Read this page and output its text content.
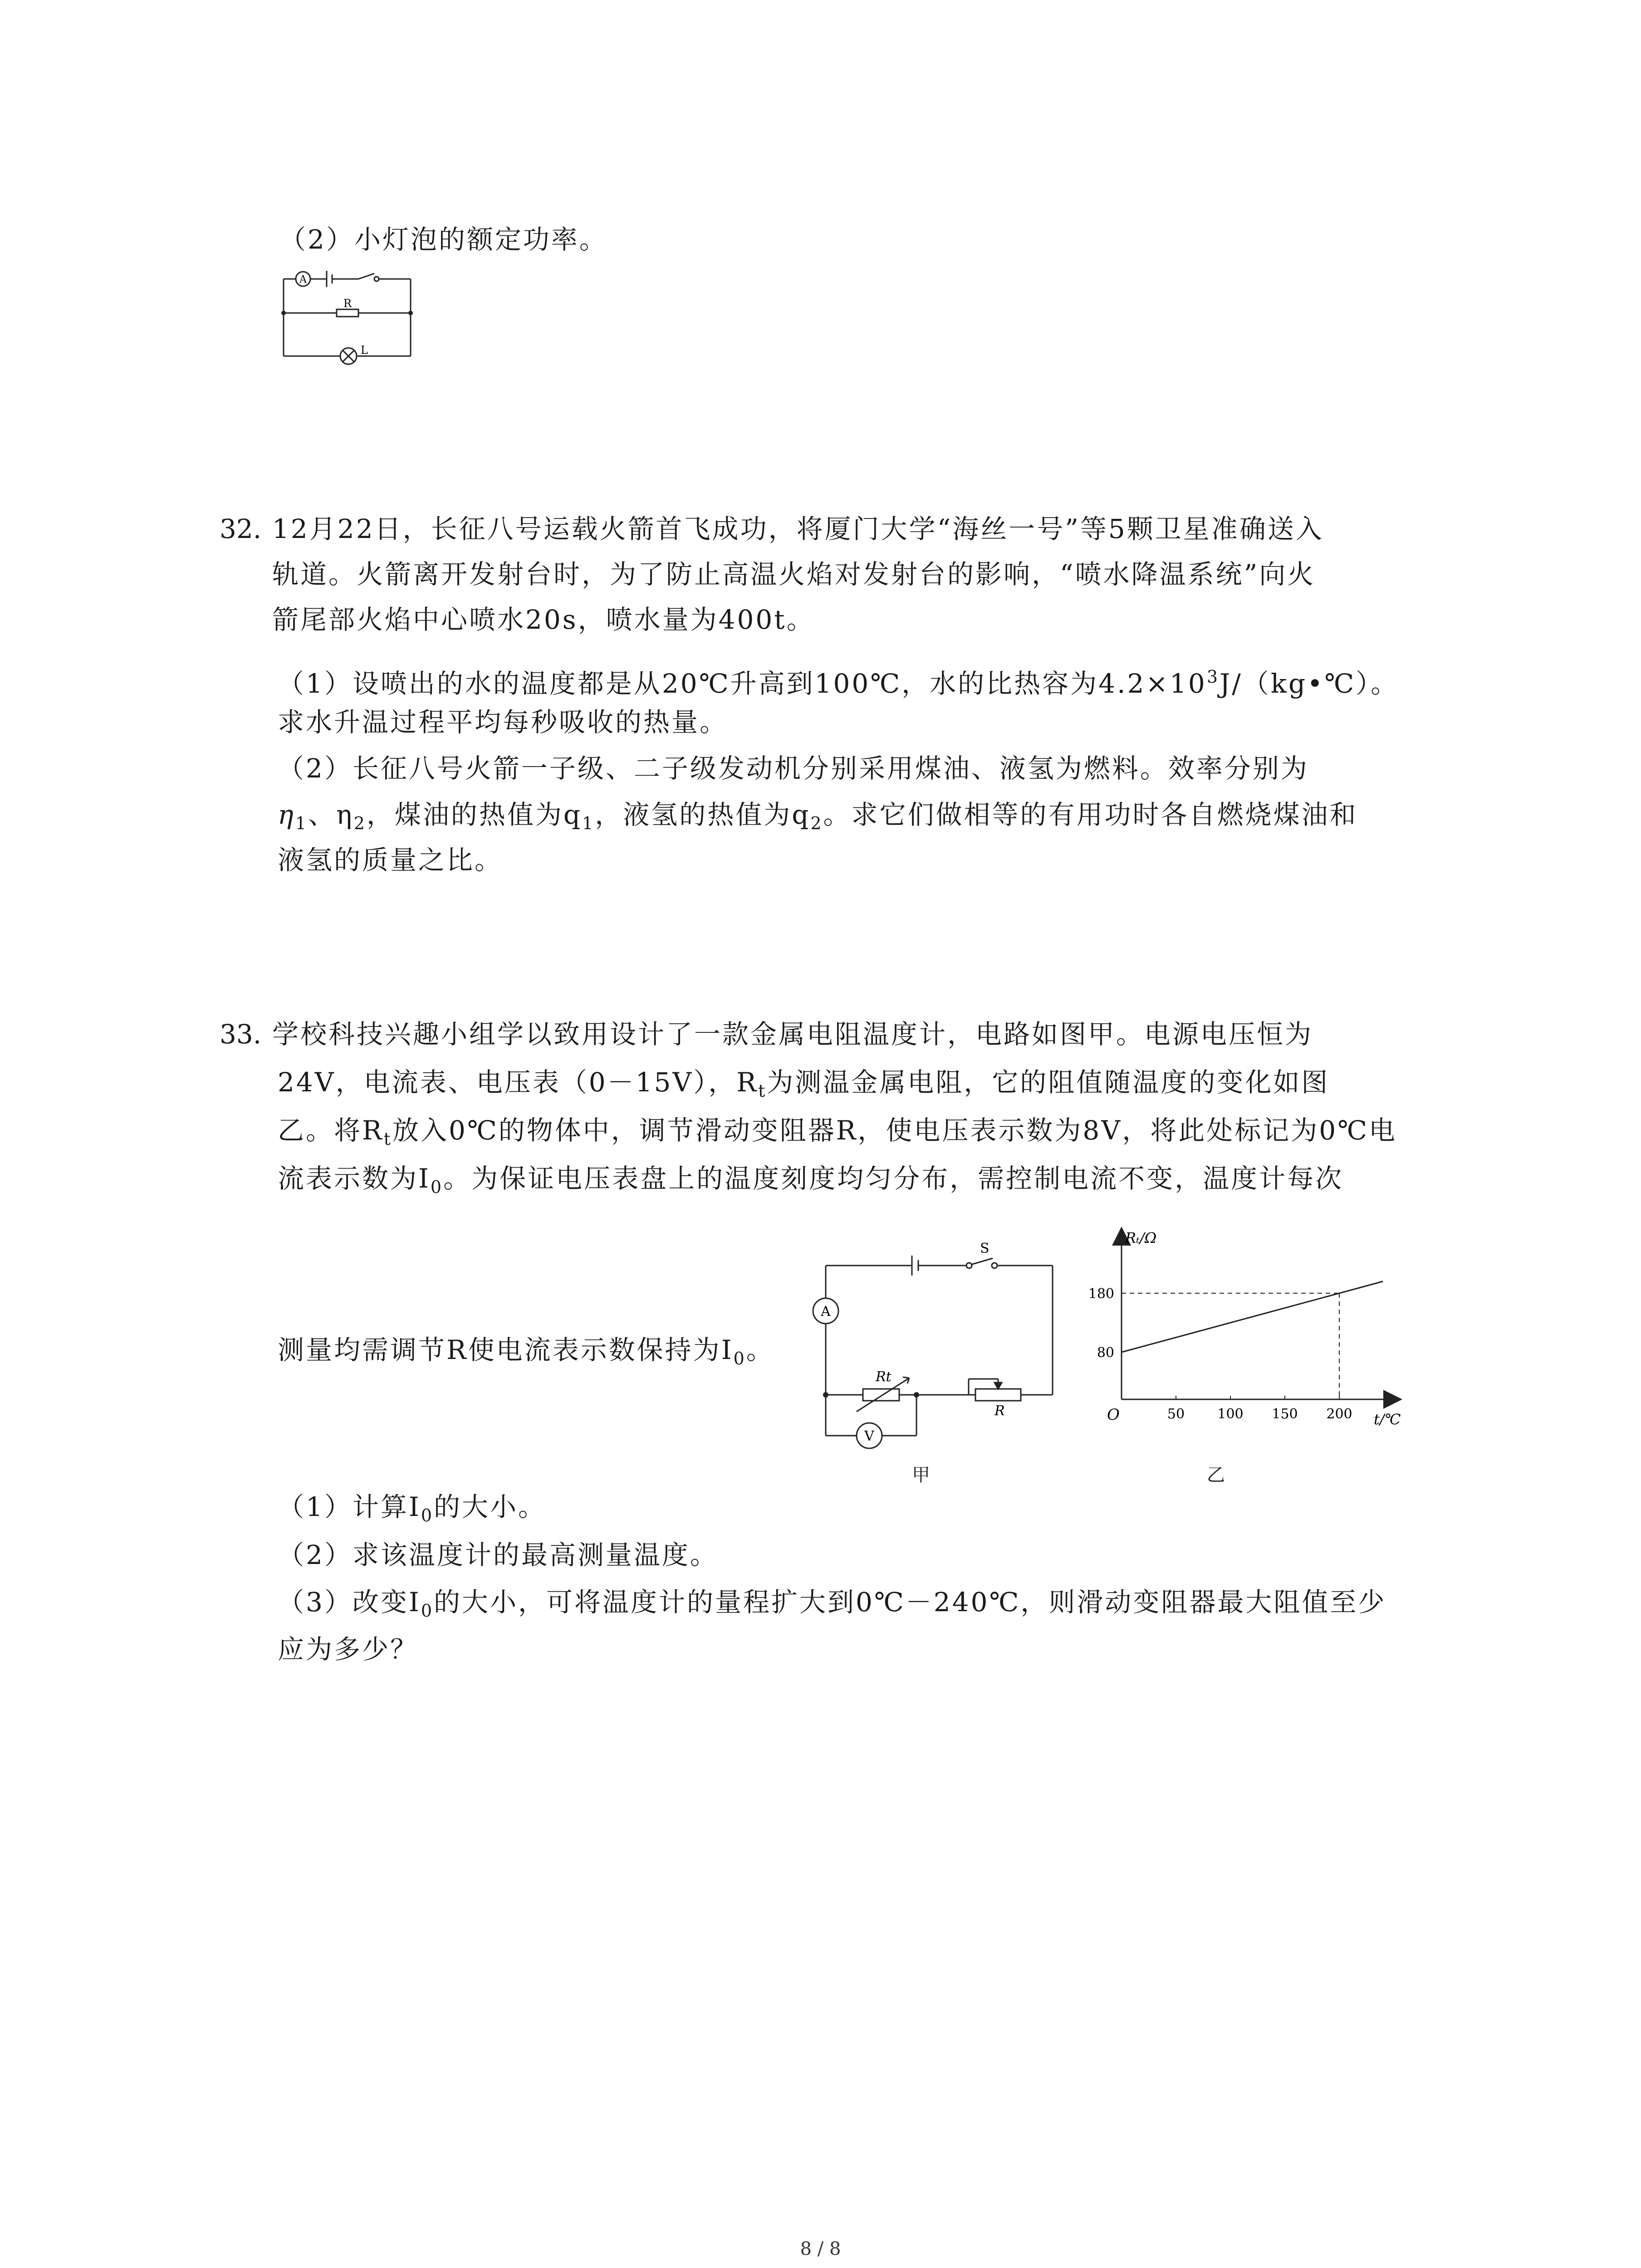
（2）小灯泡的额定功率。
A
R
L
32. 12月22日，长征八号运载火箭首飞成功，将厦门大学“海丝一号”等5颗卫星准确送入
轨道。火箭离开发射台时，为了防止高温火焰对发射台的影响，“喷水降温系统”向火
箭尾部火焰中心喷水20s，喷水量为400t。
（1）设喷出的水的温度都是从20℃升高到100℃，水的比热容为$4.2\times 10^3J/(kg•℃)$。
求水升温过程平均每秒吸收的热量。
（2）长征八号火箭一子级、二子级发动机分别采用煤油、液氢为燃料。效率分别为
$\eta_1$、$\eta_2$，煤油的热值为$q_1$，液氢的热值为$q_2$。求它们做相等的有用功时各自燃烧煤油和
液氢的质量之比。
33. 学校科技兴趣小组学以致用设计了一款金属电阻温度计，电路如图甲。电源电压恒为
24V，电流表、电压表（0－15V），$R_t$为测温金属电阻，它的阻值随温度的变化如图
乙。将$R_t$放入0℃的物体中，调节滑动变阻器R，使电压表示数为8V，将此处标记为0℃电
流表示数为$I_0$。为保证电压表盘上的温度刻度均匀分布，需控制电流不变，温度计每次
测量均需调节R使电流表示数保持为$I_0$。
S
A
V
Rt
R
甲
Rₜ/Ω
t/℃
O	50 100 150 200
80
180
乙
（1）计算$I_0$的大小。
（2）求该温度计的最高测量温度。
（3）改变$I_0$的大小，可将温度计的量程扩大到0℃－240℃，则滑动变阻器最大阻值至少
应为多少？
8 / 8
